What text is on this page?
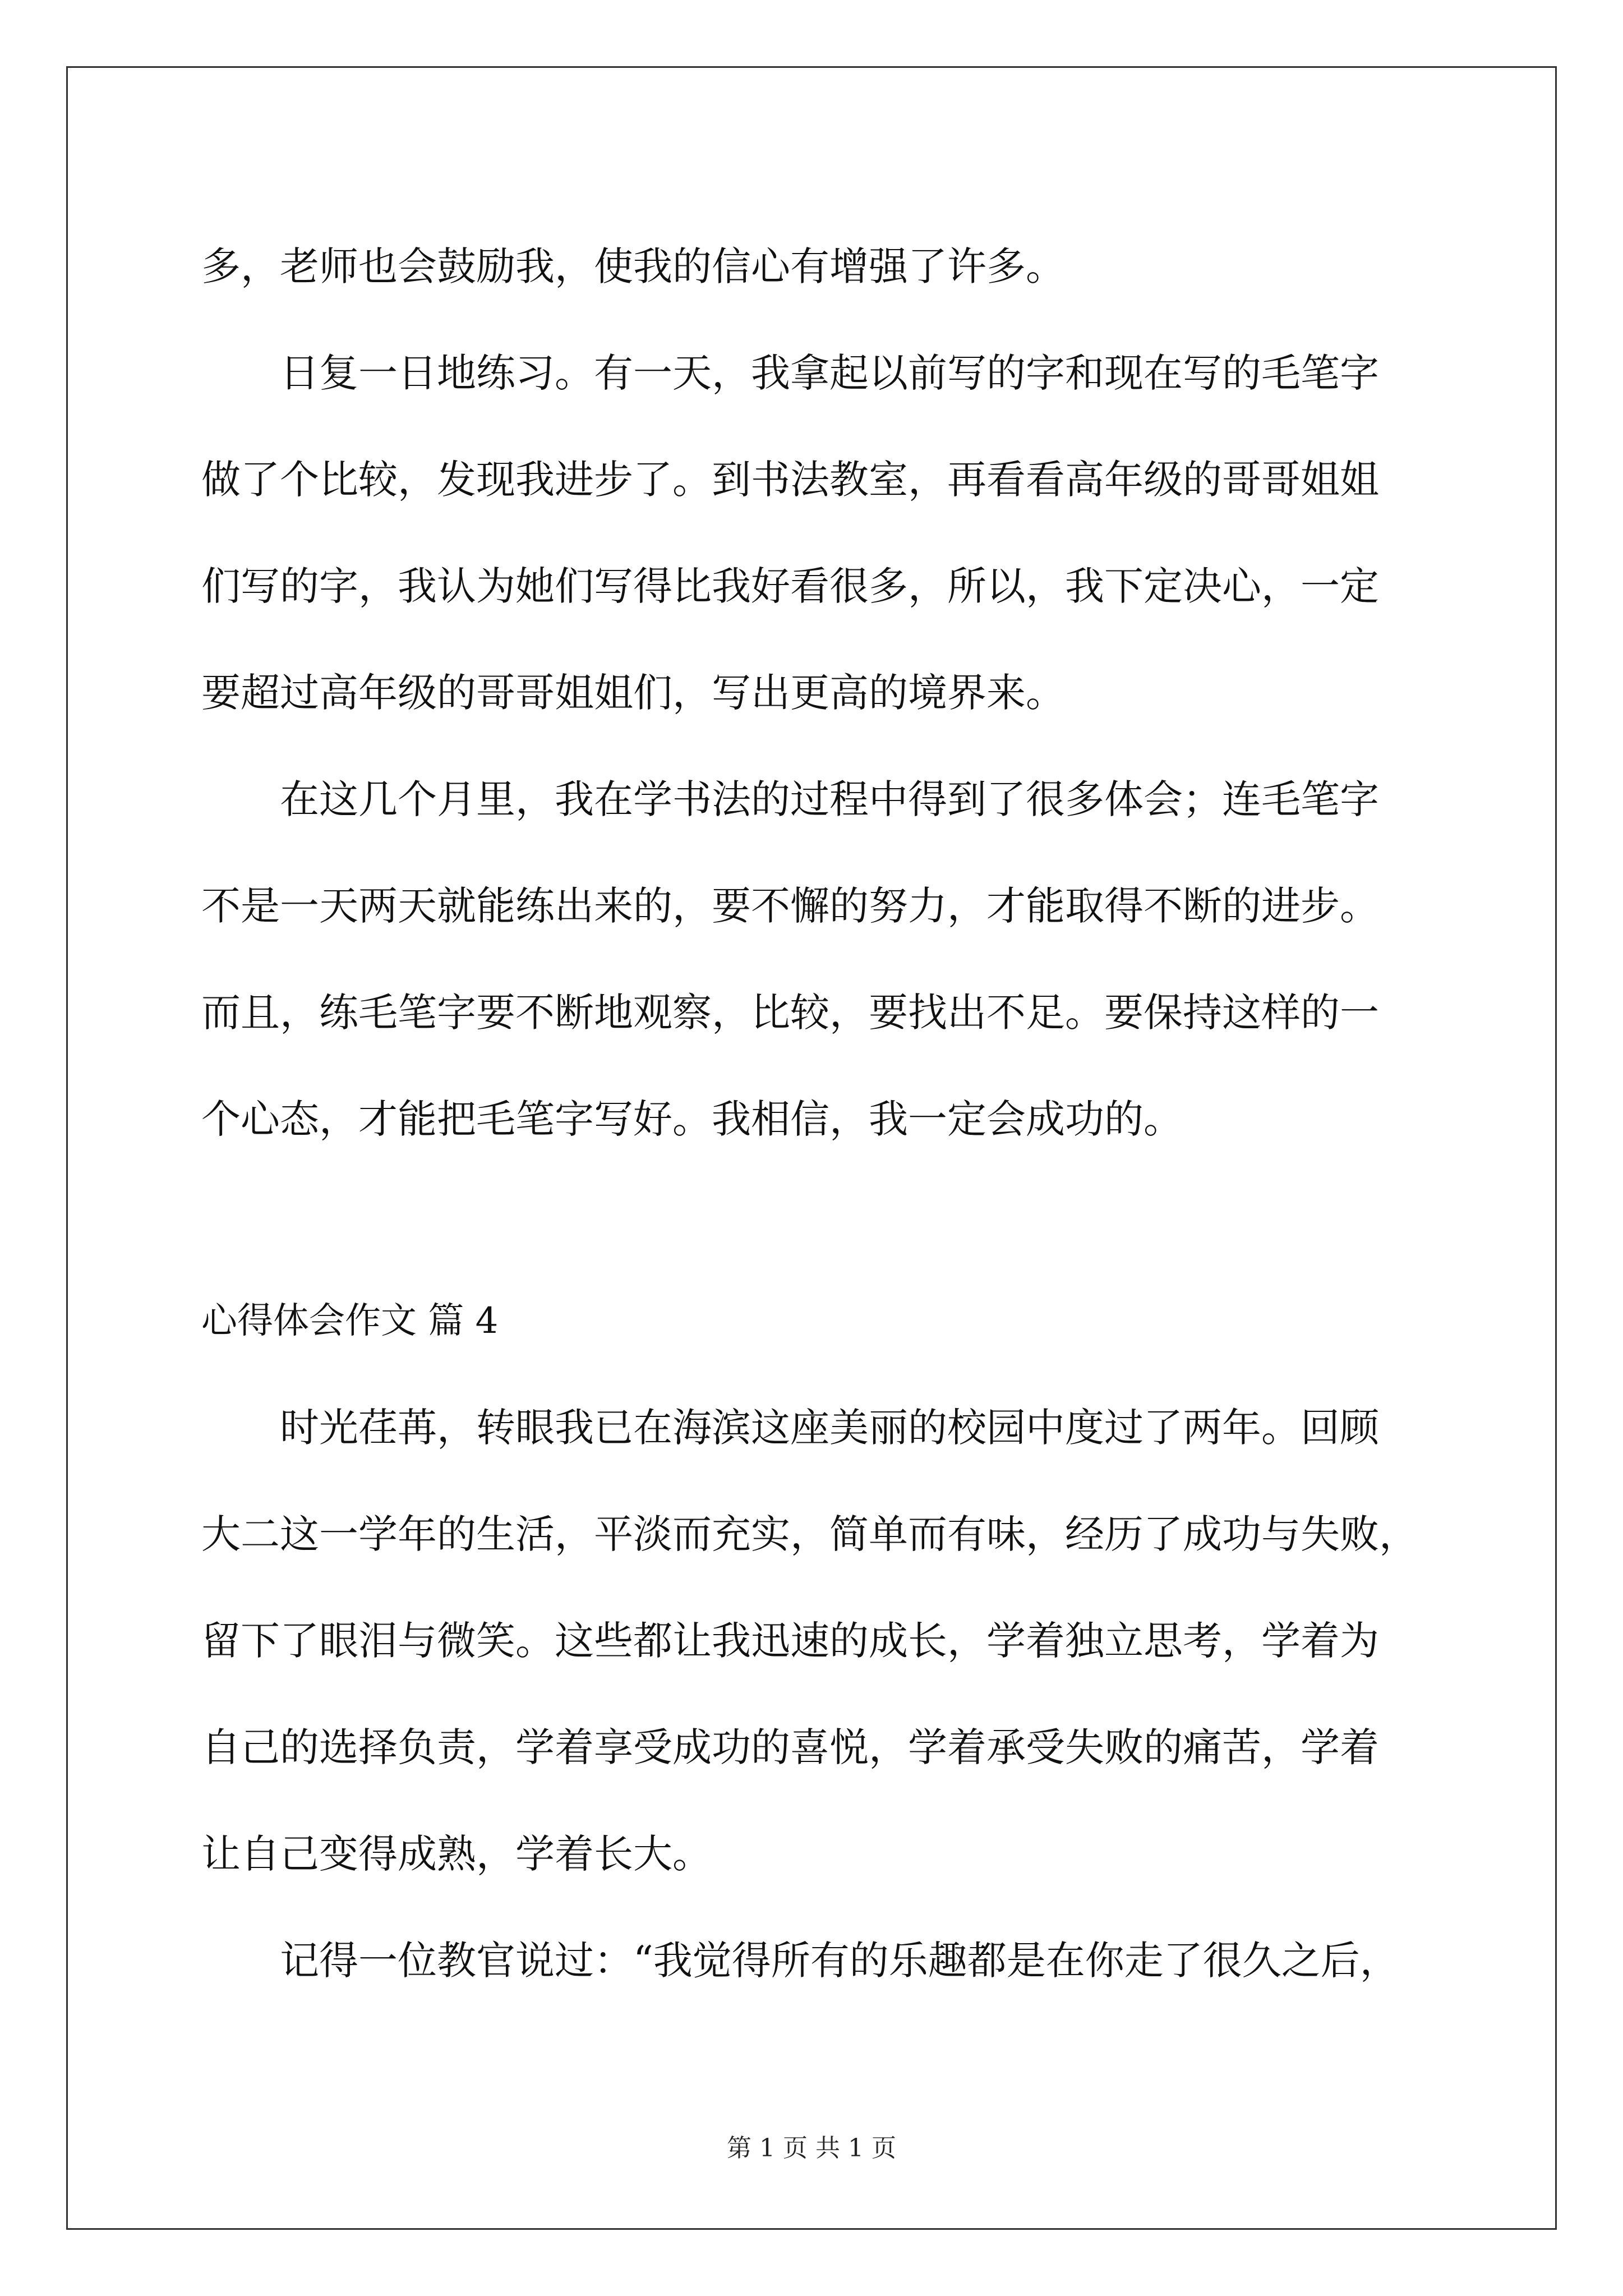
多，老师也会鼓励我，使我的信心有增强了许多。
日复一日地练习。有一天，我拿起以前写的字和现在写的毛笔字
做了个比较，发现我进步了。到书法教室，再看看高年级的哥哥姐姐
们写的字，我认为她们写得比我好看很多，所以，我下定决心，一定
要超过高年级的哥哥姐姐们，写出更高的境界来。
在这几个月里，我在学书法的过程中得到了很多体会；连毛笔字
不是一天两天就能练出来的，要不懈的努力，才能取得不断的进步。
而且，练毛笔字要不断地观察，比较，要找出不足。要保持这样的一
个心态，才能把毛笔字写好。我相信，我一定会成功的。
心得体会作文 篇 4
时光荏苒，转眼我已在海滨这座美丽的校园中度过了两年。回顾
大二这一学年的生活，平淡而充实，简单而有味，经历了成功与失败，
留下了眼泪与微笑。这些都让我迅速的成长，学着独立思考，学着为
自己的选择负责，学着享受成功的喜悦，学着承受失败的痛苦，学着
让自己变得成熟，学着长大。
记得一位教官说过：“我觉得所有的乐趣都是在你走了很久之后，
第 1 页 共 1 页
